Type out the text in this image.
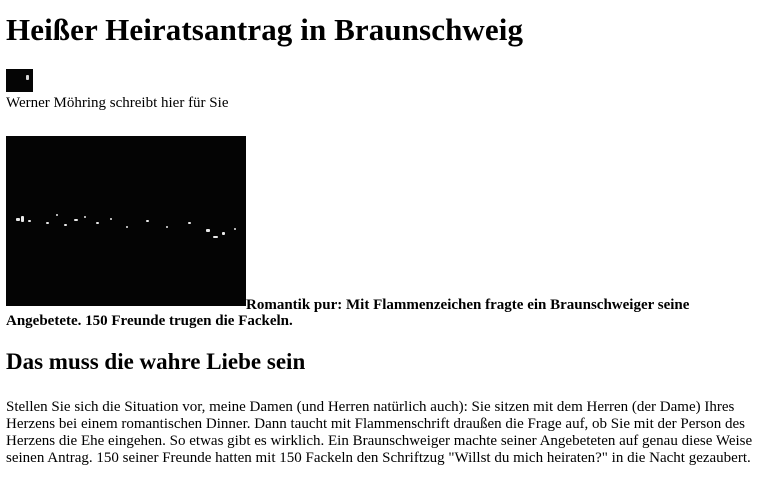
Heißer Heiratsantrag in Braunschweig
Werner Möhring schreibt hier für Sie
Romantik pur: Mit Flammenzeichen fragte ein Braunschweiger seine Angebetete. 150 Freunde trugen die Fackeln.
Das muss die wahre Liebe sein

Stellen Sie sich die Situation vor, meine Damen (und Herren natürlich auch): Sie sitzen mit dem Herren (der Dame) Ihres Herzens bei einem romantischen Dinner. Dann taucht mit Flammenschrift draußen die Frage auf, ob Sie mit der Person des Herzens die Ehe eingehen. So etwas gibt es wirklich. Ein Braunschweiger machte seiner Angebeteten auf genau diese Weise seinen Antrag. 150 seiner Freunde hatten mit 150 Fackeln den Schriftzug "Willst du mich heiraten?" in die Nacht gezaubert.
